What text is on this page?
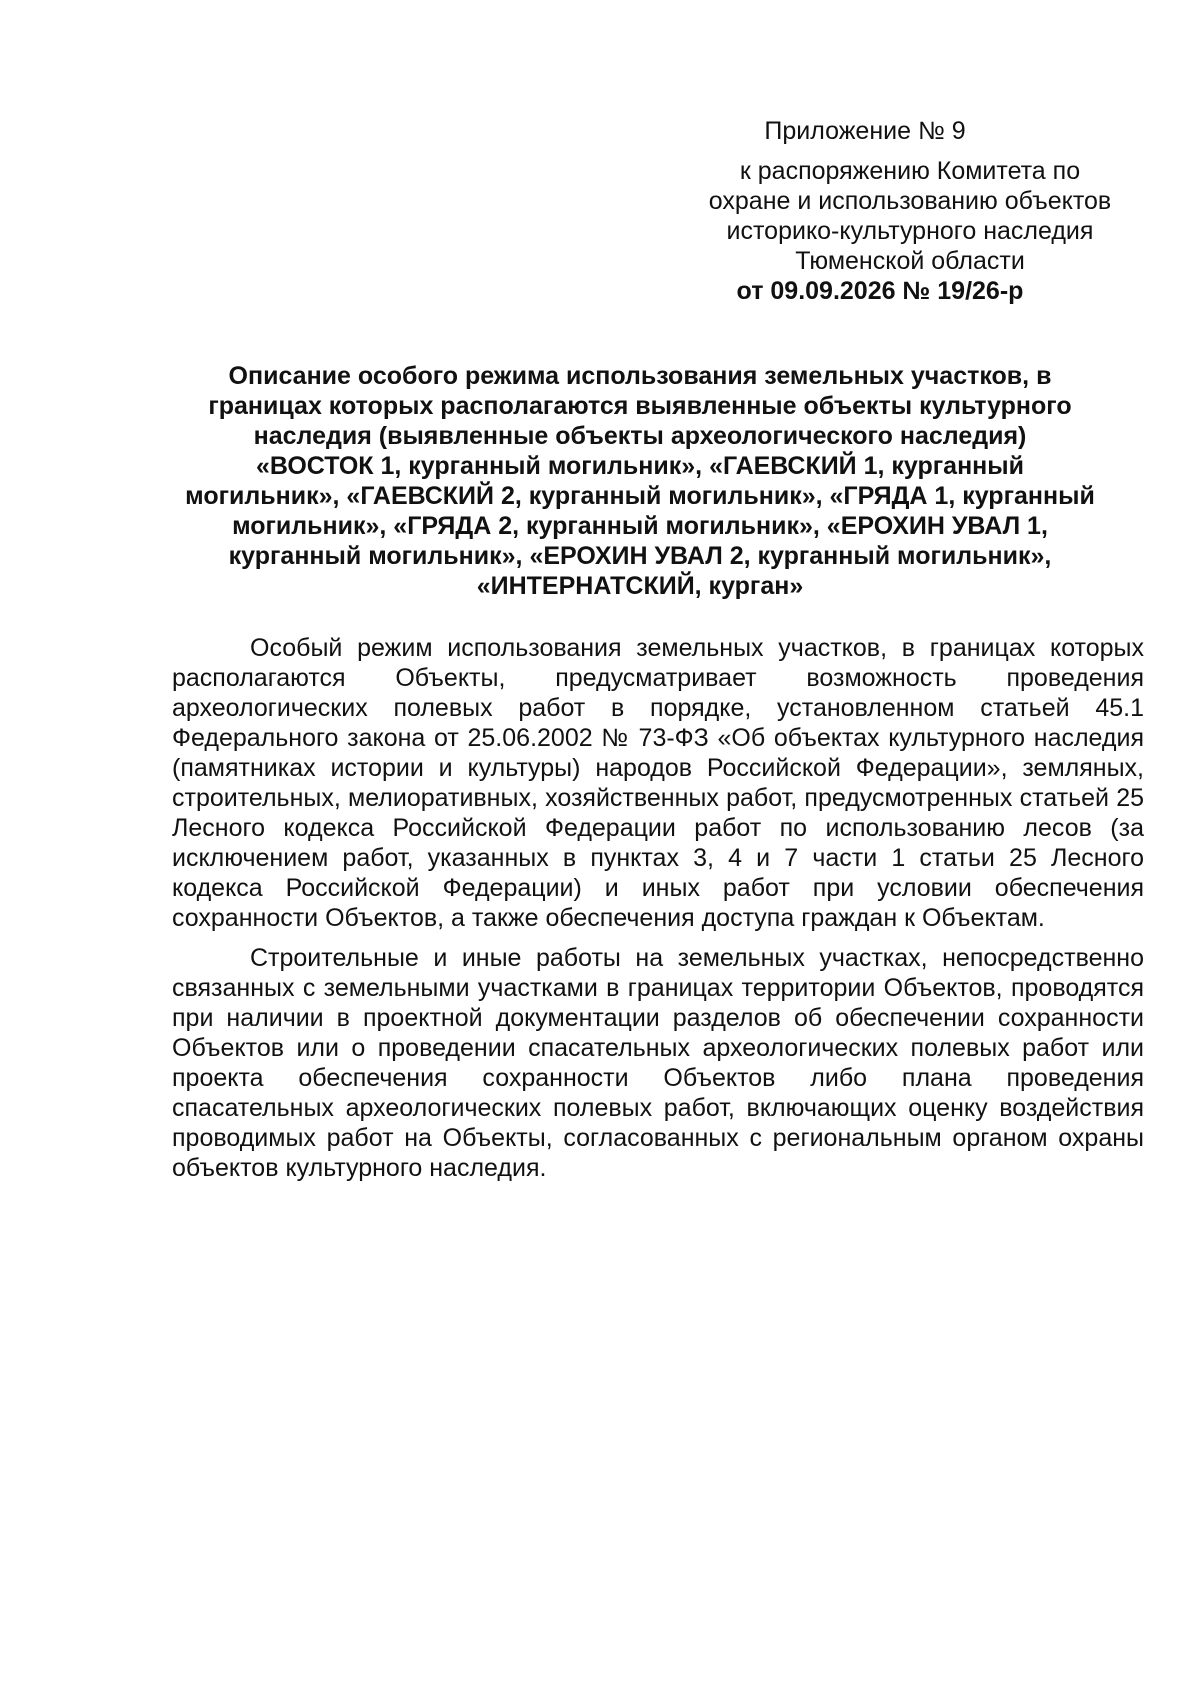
Приложение № 9
к распоряжению Комитета по
охране и использованию объектов
историко-культурного наследия
Тюменской области
от 09.09.2026 № 19/26-р
Описание особого режима использования земельных участков, в
границах которых располагаются выявленные объекты культурного
наследия (выявленные объекты археологического наследия)
«ВОСТОК 1, курганный могильник», «ГАЕВСКИЙ 1, курганный
могильник», «ГАЕВСКИЙ 2, курганный могильник», «ГРЯДА 1, курганный
могильник», «ГРЯДА 2, курганный могильник», «ЕРОХИН УВАЛ 1,
курганный могильник», «ЕРОХИН УВАЛ 2, курганный могильник»,
«ИНТЕРНАТСКИЙ, курган»

Особый режим использования земельных участков, в границах которых располагаются Объекты, предусматривает возможность проведения археологических полевых работ в порядке, установленном статьей 45.1 Федерального закона от 25.06.2002 № 73-ФЗ «Об объектах культурного наследия (памятниках истории и культуры) народов Российской Федерации», земляных, строительных, мелиоративных, хозяйственных работ, предусмотренных статьей 25 Лесного кодекса Российской Федерации работ по использованию лесов (за исключением работ, указанных в пунктах 3, 4 и 7 части 1 статьи 25 Лесного кодекса Российской Федерации) и иных работ при условии обеспечения сохранности Объектов, а также обеспечения доступа граждан к Объектам.

Строительные и иные работы на земельных участках, непосредственно связанных с земельными участками в границах территории Объектов, проводятся при наличии в проектной документации разделов об обеспечении сохранности Объектов или о проведении спасательных археологических полевых работ или проекта обеспечения сохранности Объектов либо плана проведения спасательных археологических полевых работ, включающих оценку воздействия проводимых работ на Объекты, согласованных с региональным органом охраны объектов культурного наследия.
